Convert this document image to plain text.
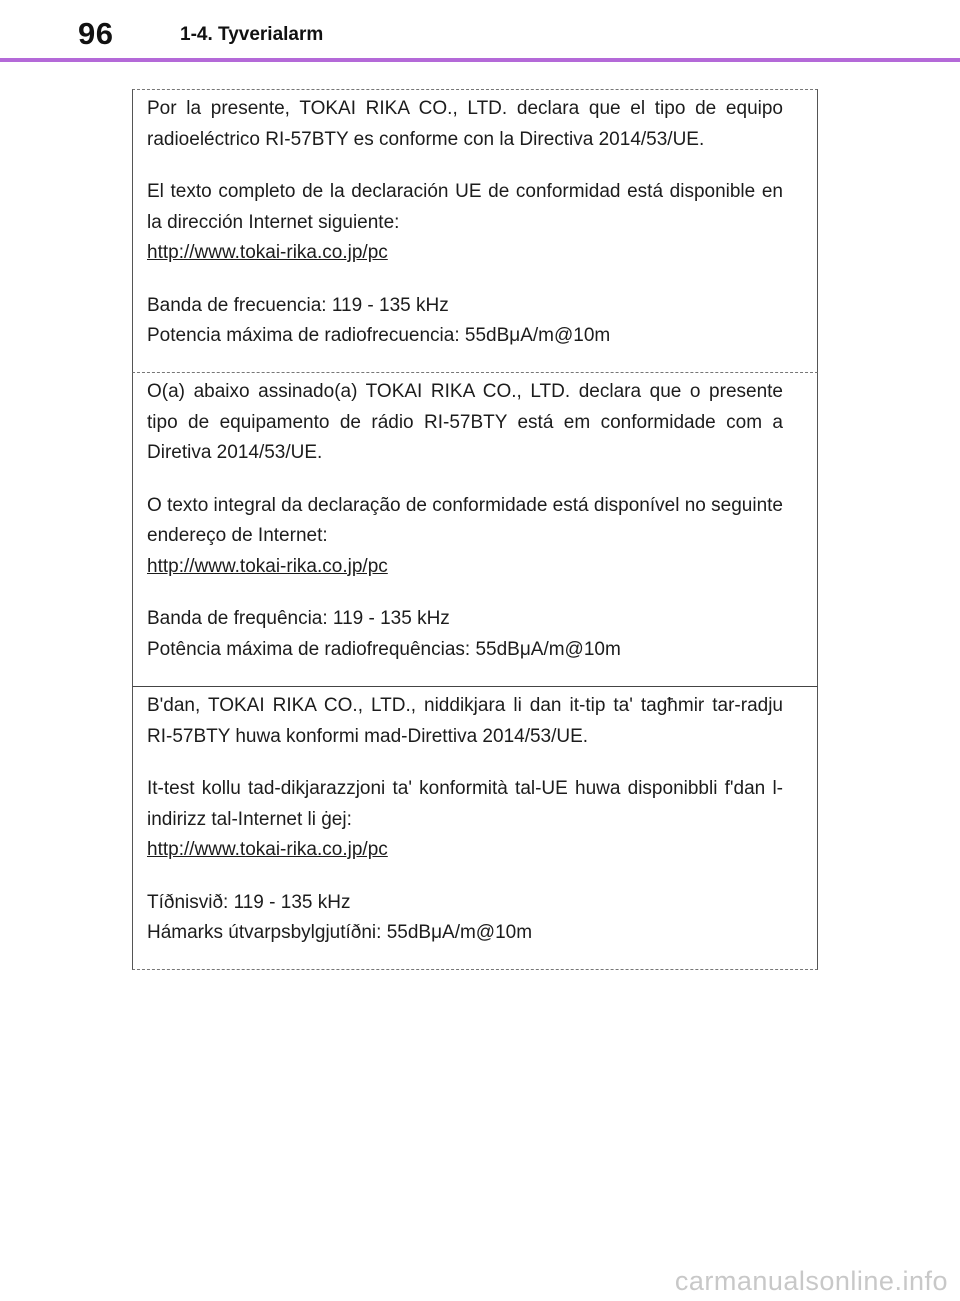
96	1-4. Tyverialarm

Por la presente, TOKAI RIKA CO., LTD. declara que el tipo de equipo radioeléctrico RI-57BTY es conforme con la Directiva 2014/53/UE.

El texto completo de la declaración UE de conformidad está disponible en la dirección Internet siguiente:

http://www.tokai-rika.co.jp/pc

Banda de frecuencia: 119 - 135 kHz

Potencia máxima de radiofrecuencia: 55dBμA/m@10m

O(a) abaixo assinado(a) TOKAI RIKA CO., LTD. declara que o presente tipo de equipamento de rádio RI-57BTY está em conformidade com a Diretiva 2014/53/UE.

O texto integral da declaração de conformidade está disponível no seguinte endereço de Internet:

http://www.tokai-rika.co.jp/pc

Banda de frequência: 119 - 135 kHz

Potência máxima de radiofrequências: 55dBμA/m@10m

B'dan, TOKAI RIKA CO., LTD., niddikjara li dan it-tip ta' tagħmir tar-radju RI-57BTY huwa konformi mad-Direttiva 2014/53/UE.

It-test kollu tad-dikjarazzjoni ta' konformità tal-UE huwa disponibbli f'dan l-indirizz tal-Internet li ġej:

http://www.tokai-rika.co.jp/pc

Tíðnisvið: 119 - 135 kHz

Hámarks útvarpsbylgjutíðni: 55dBμA/m@10m

carmanualsonline.info
